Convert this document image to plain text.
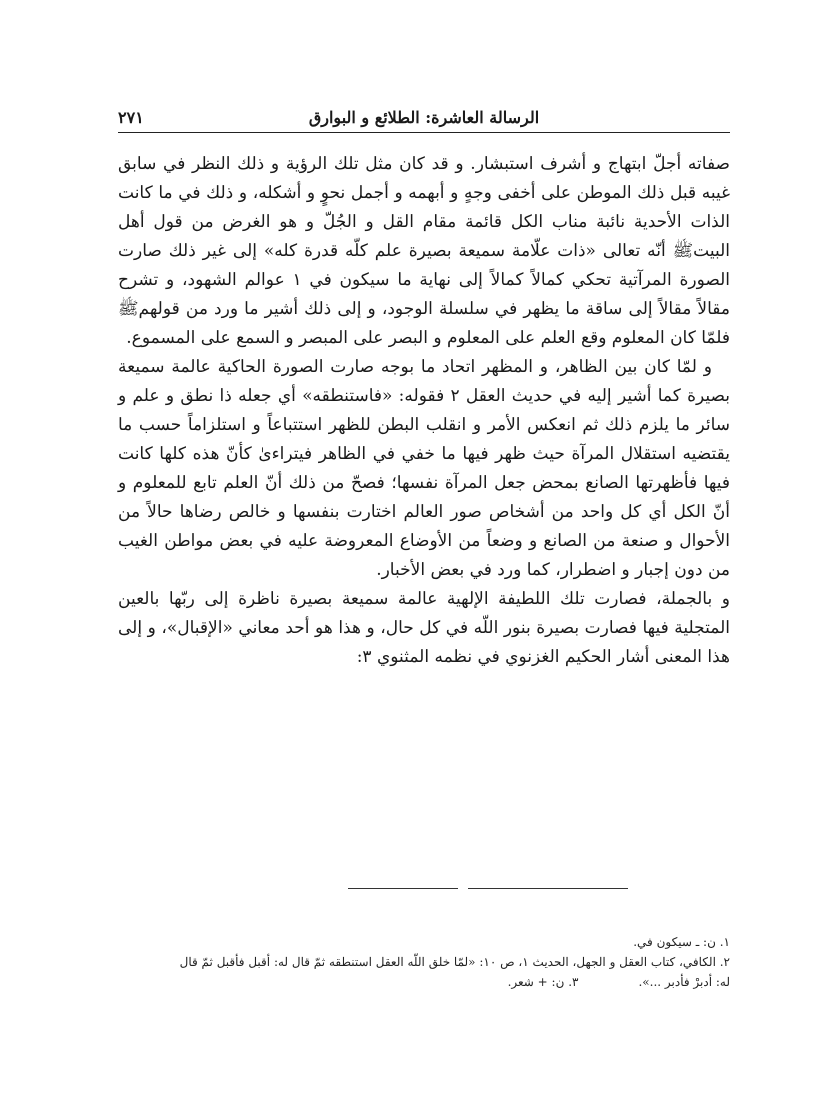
الرسالة العاشرة: الطلائع و البوارق
٢٧١

صفاته أجلّ ابتهاج و أشرف استبشار. و قد كان مثل تلك الرؤية و ذلك النظر في سابق غيبه قبل ذلك الموطن على أخفى وجهٍ و أبهمه و أجمل نحوٍ و أشكله، و ذلك في ما كانت الذات الأحدية نائبة مناب الكل قائمة مقام القل و الجُلّ و هو الغرض من قول أهل البيتﷺ أنّه تعالى «ذات علّامة سميعة بصيرة علم كلّه قدرة كله» إلى غير ذلك صارت الصورة المرآتية تحكي كمالاً كمالاً إلى نهاية ما سيكون في ١ عوالم الشهود، و تشرح مقالاً مقالاً إلى ساقة ما يظهر في سلسلة الوجود، و إلى ذلك أشير ما ورد من قولهمﷺ فلمّا كان المعلوم وقع العلم على المعلوم و البصر على المبصر و السمع على المسموع.

و لمّا كان بين الظاهر، و المظهر اتحاد ما بوجه صارت الصورة الحاكية عالمة سميعة بصيرة كما أشير إليه في حديث العقل ٢ فقوله: «فاستنطقه» أي جعله ذا نطق و علم و سائر ما يلزم ذلك ثم انعكس الأمر و انقلب البطن للظهر استتباعاً و استلزاماً حسب ما يقتضيه استقلال المرآة حيث ظهر فيها ما خفي في الظاهر فيتراءىٰ كأنّ هذه كلها كانت فيها فأظهرتها الصانع بمحض جعل المرآة نفسها؛ فصحّ من ذلك أنّ العلم تابع للمعلوم و أنّ الكل أي كل واحد من أشخاص صور العالم اختارت بنفسها و خالص رضاها حالاً من الأحوال و صنعة من الصانع و وضعاً من الأوضاع المعروضة عليه في بعض مواطن الغيب من دون إجبار و اضطرار، كما ورد في بعض الأخبار.

و بالجملة، فصارت تلك اللطيفة الإلهية عالمة سميعة بصيرة ناظرة إلى ربّها بالعين المتجلية فيها فصارت بصيرة بنور اللّه في كل حال، و هذا هو أحد معاني «الإقبال»، و إلى هذا المعنى أشار الحكيم الغزنوي في نظمه المثنوي ٣:

١. ن: ـ سيكون في.

٢. الكافي، كتاب العقل و الجهل، الحديث ١، ص ١٠: «لمّا خلق اللّه العقل استنطقه ثمّ قال له: أقبل فأقبل ثمّ قال

له: أدبرْ فأدبر ...».
٣. ن: + شعر.
